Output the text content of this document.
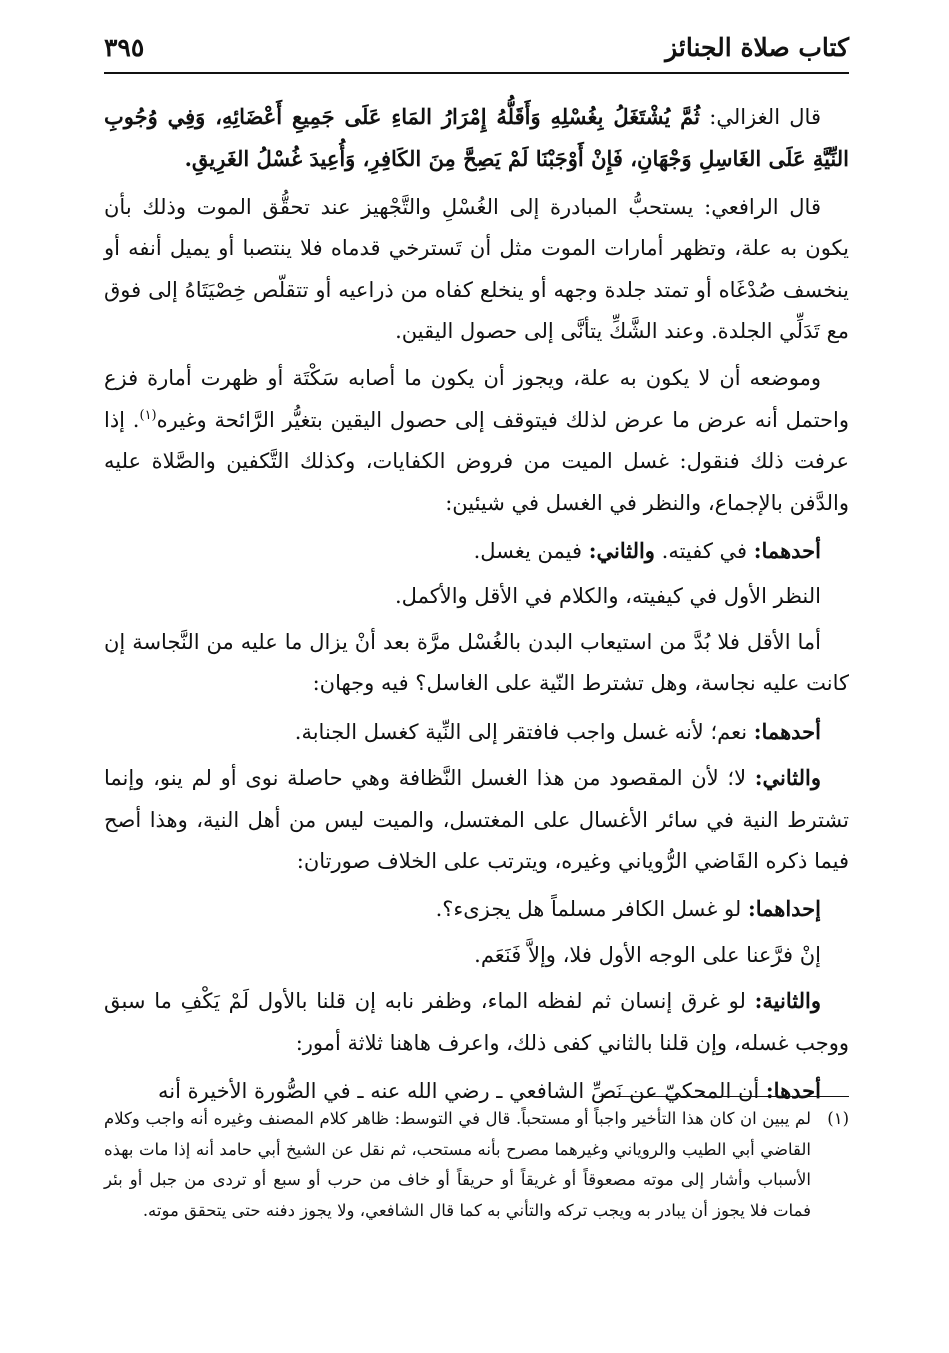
كتاب صلاة الجنائز
٣٩٥

قال الغزالي: ثُمَّ يُشْتَغَلُ بِغُسْلِهِ وَأَقَلُّهُ إِمْرَارُ المَاءِ عَلَى جَمِيعِ أَعْضَائِهِ، وَفِي وُجُوبِ النِّيَّةِ عَلَى الغَاسِلِ وَجْهَانِ، فَإِنْ أَوْجَبْنَا لَمْ يَصِحَّ مِنَ الكَافِرِ، وَأُعِيدَ غُسْلُ الغَرِيقِ.

قال الرافعي: يستحبُّ المبادرة إلى الغُسْلِ والتَّجْهيز عند تحقُّق الموت وذلك بأن يكون به علة، وتظهر أمارات الموت مثل أن تَسترخي قدماه فلا ينتصبا أو يميل أنفه أو ينخسف صُدْغَاه أو تمتد جلدة وجهه أو ينخلع كفاه من ذراعيه أو تتقلّص خِصْيَتَاهُ إلى فوق مع تَدَلِّي الجلدة. وعند الشَّكِّ يتأنَّى إلى حصول اليقين.

وموضعه أن لا يكون به علة، ويجوز أن يكون ما أصابه سَكْتَة أو ظهرت أمارة فزع واحتمل أنه عرض ما عرض لذلك فيتوقف إلى حصول اليقين بتغيُّر الرَّائحة وغيره$^{(١)}$. إذا عرفت ذلك فنقول: غسل الميت من فروض الكفايات، وكذلك التَّكفين والصَّلاة عليه والدَّفن بالإجماع، والنظر في الغسل في شيئين:

أحدهما: في كفيته. والثاني: فيمن يغسل.

النظر الأول في كيفيته، والكلام في الأقل والأكمل.

أما الأقل فلا بُدَّ من استيعاب البدن بالغُسْل مرَّة بعد أنْ يزال ما عليه من النَّجاسة إن كانت عليه نجاسة، وهل تشترط النّية على الغاسل؟ فيه وجهان:

أحدهما: نعم؛ لأنه غسل واجب فافتقر إلى النِّية كغسل الجنابة.

والثاني: لا؛ لأن المقصود من هذا الغسل النَّظافة وهي حاصلة نوى أو لم ينو، وإنما تشترط النية في سائر الأغسال على المغتسل، والميت ليس من أهل النية، وهذا أصح فيما ذكره القَاضي الرُّوياني وغيره، ويترتب على الخلاف صورتان:

إحداهما: لو غسل الكافر مسلماً هل يجزىء؟.

إنْ فرَّعنا على الوجه الأول فلا، وإلاَّ فَنَعَم.

والثانية: لو غرق إنسان ثم لفظه الماء، وظفر نابه إن قلنا بالأول لَمْ يَكْفِ ما سبق ووجب غسله، وإن قلنا بالثاني كفى ذلك، واعرف هاهنا ثلاثة أمور:

أحدها: أن المحكيّ عن نَصِّ الشافعي ـ رضي الله عنه ـ في الصُّورة الأخيرة أنه

(١)
لم يبين ان كان هذا التأخير واجباً أو مستحباً. قال في التوسط: ظاهر كلام المصنف وغيره أنه واجب وكلام القاضي أبي الطيب والروياني وغيرهما مصرح بأنه مستحب، ثم نقل عن الشيخ أبي حامد أنه إذا مات بهذه الأسباب وأشار إلى موته مصعوقاً أو غريقاً أو حريقاً أو خاف من حرب أو سبع أو تردى من جبل أو بئر فمات فلا يجوز أن يبادر به ويجب تركه والتأني به كما قال الشافعي، ولا يجوز دفنه حتى يتحقق موته.
